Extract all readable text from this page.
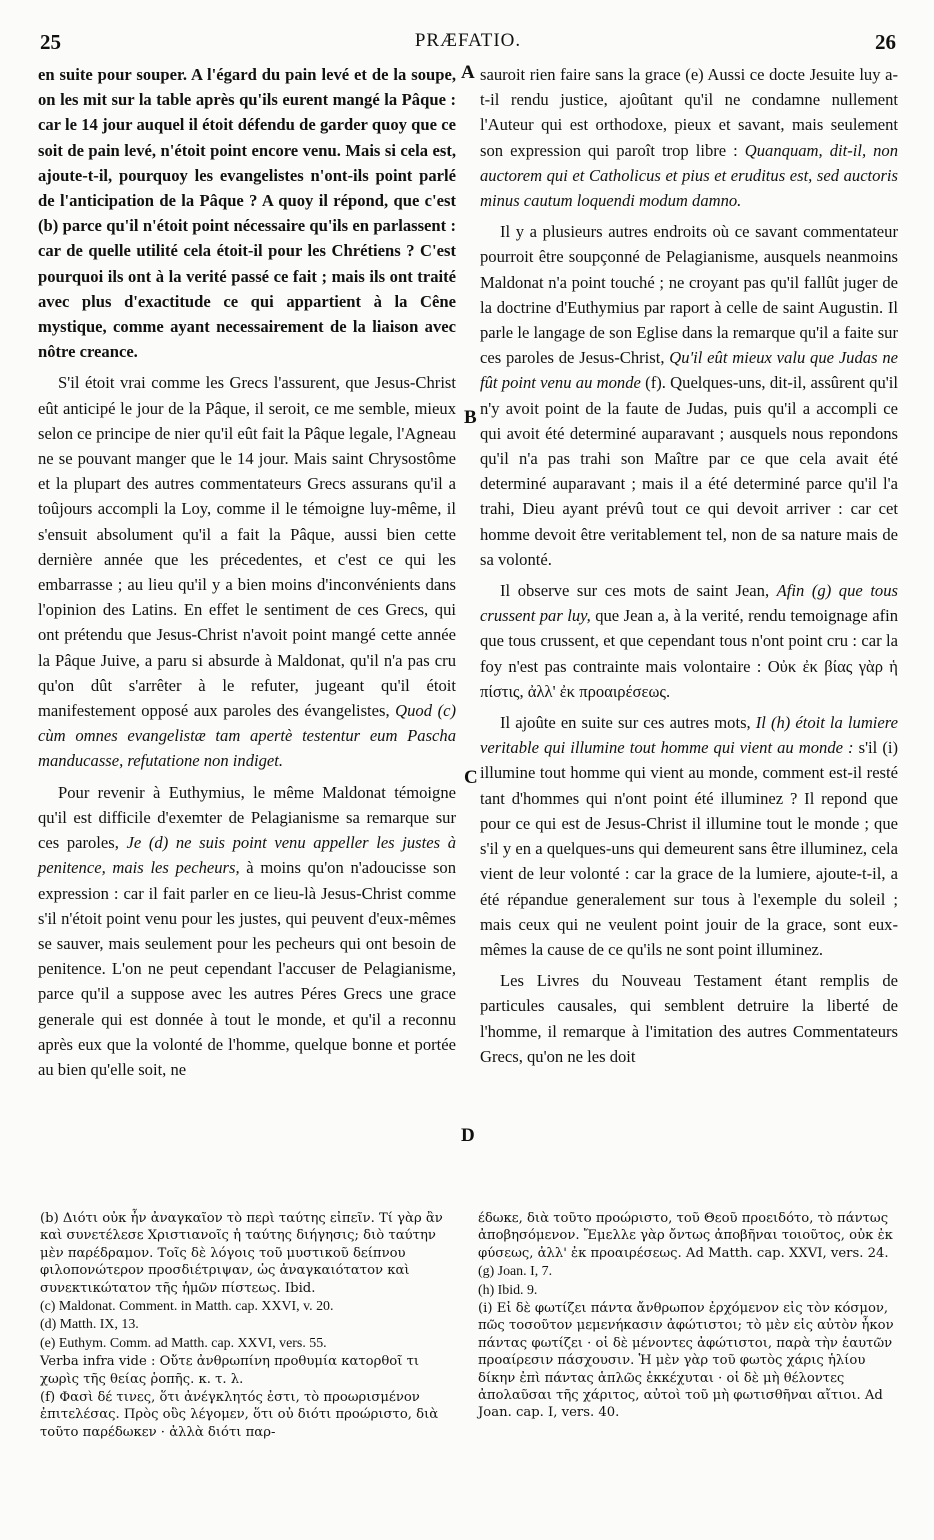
25	PRÆFATIO.	26
A
B
C
D

en suite pour souper. A l'égard du pain levé et de la soupe, on les mit sur la table après qu'ils eurent mangé la Pâque : car le 14 jour auquel il étoit défendu de garder quoy que ce soit de pain levé, n'étoit point encore venu. Mais si cela est, ajoute-t-il, pourquoy les evangelistes n'ont-ils point parlé de l'anticipation de la Pâque ? A quoy il répond, que c'est (b) parce qu'il n'étoit point nécessaire qu'ils en parlassent : car de quelle utilité cela étoit-il pour les Chrétiens ? C'est pourquoi ils ont à la verité passé ce fait ; mais ils ont traité avec plus d'exactitude ce qui appartient à la Cêne mystique, comme ayant necessairement de la liaison avec nôtre creance.

S'il étoit vrai comme les Grecs l'assurent, que Jesus-Christ eût anticipé le jour de la Pâque, il seroit, ce me semble, mieux selon ce principe de nier qu'il eût fait la Pâque legale, l'Agneau ne se pouvant manger que le 14 jour. Mais saint Chrysostôme et la plupart des autres commentateurs Grecs assurans qu'il a toûjours accompli la Loy, comme il le témoigne luy-même, il s'ensuit absolument qu'il a fait la Pâque, aussi bien cette dernière année que les précedentes, et c'est ce qui les embarrasse ; au lieu qu'il y a bien moins d'inconvénients dans l'opinion des Latins. En effet le sentiment de ces Grecs, qui ont prétendu que Jesus-Christ n'avoit point mangé cette année la Pâque Juive, a paru si absurde à Maldonat, qu'il n'a pas cru qu'on dût s'arrêter à le refuter, jugeant qu'il étoit manifestement opposé aux paroles des évangelistes, Quod (c) cùm omnes evangelistæ tam apertè testentur eum Pascha manducasse, refutatione non indiget.

Pour revenir à Euthymius, le même Maldonat témoigne qu'il est difficile d'exemter de Pelagianisme sa remarque sur ces paroles, Je (d) ne suis point venu appeller les justes à penitence, mais les pecheurs, à moins qu'on n'adoucisse son expression : car il fait parler en ce lieu-là Jesus-Christ comme s'il n'étoit point venu pour les justes, qui peuvent d'eux-mêmes se sauver, mais seulement pour les pecheurs qui ont besoin de penitence. L'on ne peut cependant l'accuser de Pelagianisme, parce qu'il a suppose avec les autres Péres Grecs une grace generale qui est donnée à tout le monde, et qu'il a reconnu après eux que la volonté de l'homme, quelque bonne et portée au bien qu'elle soit, ne

sauroit rien faire sans la grace (e) Aussi ce docte Jesuite luy a-t-il rendu justice, ajoûtant qu'il ne condamne nullement l'Auteur qui est orthodoxe, pieux et savant, mais seulement son expression qui paroît trop libre : Quanquam, dit-il, non auctorem qui et Catholicus et pius et eruditus est, sed auctoris minus cautum loquendi modum damno.

Il y a plusieurs autres endroits où ce savant commentateur pourroit être soupçonné de Pelagianisme, ausquels neanmoins Maldonat n'a point touché ; ne croyant pas qu'il fallût juger de la doctrine d'Euthymius par raport à celle de saint Augustin. Il parle le langage de son Eglise dans la remarque qu'il a faite sur ces paroles de Jesus-Christ, Qu'il eût mieux valu que Judas ne fût point venu au monde (f). Quelques-uns, dit-il, assûrent qu'il n'y avoit point de la faute de Judas, puis qu'il a accompli ce qui avoit été determiné auparavant ; ausquels nous repondons qu'il n'a pas trahi son Maître par ce que cela avait été determiné auparavant ; mais il a été determiné parce qu'il l'a trahi, Dieu ayant prévû tout ce qui devoit arriver : car cet homme devoit être veritablement tel, non de sa nature mais de sa volonté.

Il observe sur ces mots de saint Jean, Afin (g) que tous crussent par luy, que Jean a, à la verité, rendu temoignage afin que tous crussent, et que cependant tous n'ont point cru : car la foy n'est pas contrainte mais volontaire : Οὐκ ἐκ βίας γὰρ ἡ πίστις, ἀλλ' ἐκ προαιρέσεως.

Il ajoûte en suite sur ces autres mots, Il (h) étoit la lumiere veritable qui illumine tout homme qui vient au monde : s'il (i) illumine tout homme qui vient au monde, comment est-il resté tant d'hommes qui n'ont point été illuminez ? Il repond que pour ce qui est de Jesus-Christ il illumine tout le monde ; que s'il y en a quelques-uns qui demeurent sans être illuminez, cela vient de leur volonté : car la grace de la lumiere, ajoute-t-il, a été répandue generalement sur tous à l'exemple du soleil ; mais ceux qui ne veulent point jouir de la grace, sont eux-mêmes la cause de ce qu'ils ne sont point illuminez.

Les Livres du Nouveau Testament étant remplis de particules causales, qui semblent detruire la liberté de l'homme, il remarque à l'imitation des autres Commentateurs Grecs, qu'on ne les doit

(b) Διότι οὐκ ἦν ἀναγκαῖον τὸ περὶ ταύτης εἰπεῖν. Τί γὰρ ἂν καὶ συνετέλεσε Χριστιανοῖς ἡ ταύτης διήγησις; διὸ ταύτην μὲν παρέδραμον. Τοῖς δὲ λόγοις τοῦ μυστικοῦ δείπνου φιλοπονώτερον προσδιέτριψαν, ὡς ἀναγκαιότατον καὶ συνεκτικώτατον τῆς ἡμῶν πίστεως. Ibid.
(c) Maldonat. Comment. in Matth. cap. XXVI, v. 20.
(d) Matth. IX, 13.
(e) Euthym. Comm. ad Matth. cap. XXVI, vers. 55.
Verba infra vide : Οὔτε ἀνθρωπίνη προθυμία κατορθοῖ τι χωρὶς τῆς θείας ῥοπῆς. κ. τ. λ.
(f) Φασὶ δέ τινες, ὅτι ἀνέγκλητός ἐστι, τὸ προωρισμένον ἐπιτελέσας. Πρὸς οὓς λέγομεν, ὅτι οὐ διότι προώριστο, διὰ τοῦτο παρέδωκεν · ἀλλὰ διότι παρ-
έδωκε, διὰ τοῦτο προώριστο, τοῦ Θεοῦ προειδότο, τὸ πάντως ἀποβησόμενον. Ἔμελλε γὰρ ὄντως ἀποβῆναι τοιοῦτος, οὐκ ἐκ φύσεως, ἀλλ' ἐκ προαιρέσεως. Ad Matth. cap. XXVI, vers. 24.
(g) Joan. I, 7.
(h) Ibid. 9.
(i) Εἰ δὲ φωτίζει πάντα ἄνθρωπον ἐρχόμενον εἰς τὸν κόσμον, πῶς τοσοῦτον μεμενήκασιν ἀφώτιστοι; τὸ μὲν εἰς αὐτὸν ἧκον πάντας φωτίζει · οἱ δὲ μένοντες ἀφώτιστοι, παρὰ τὴν ἑαυτῶν προαίρεσιν πάσχουσιν. Ἡ μὲν γὰρ τοῦ φωτὸς χάρις ἡλίου δίκην ἐπὶ πάντας ἁπλῶς ἐκκέχυται · οἱ δὲ μὴ θέλοντες ἀπολαῦσαι τῆς χάριτος, αὐτοὶ τοῦ μὴ φωτισθῆναι αἴτιοι. Ad Joan. cap. I, vers. 40.
